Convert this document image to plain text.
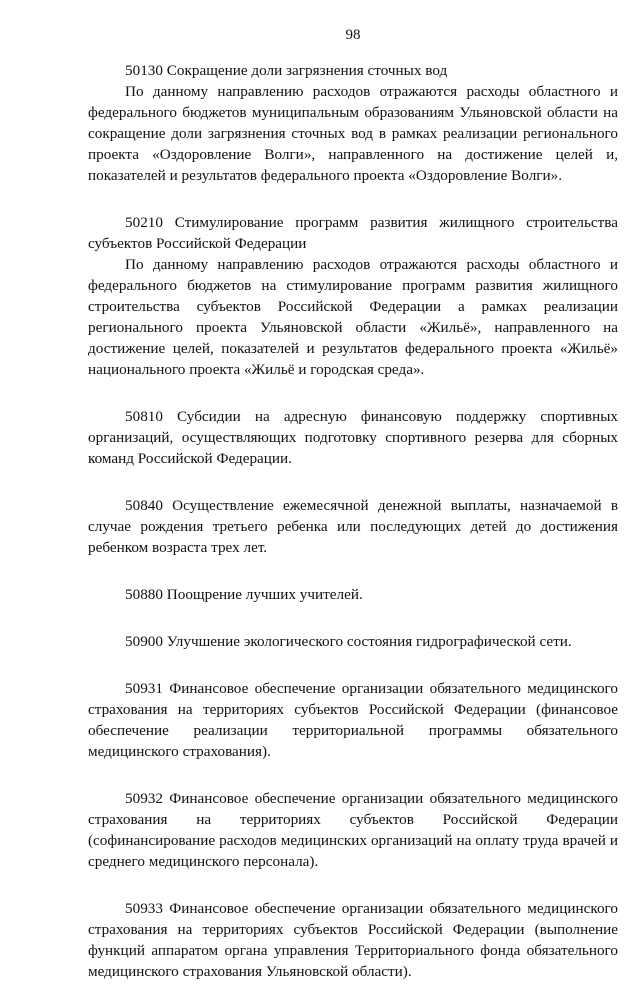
98

50130 Сокращение доли загрязнения сточных вод

По данному направлению расходов отражаются расходы областного и федерального бюджетов муниципальным образованиям Ульяновской области на сокращение доли загрязнения сточных вод в рамках реализации регионального проекта «Оздоровление Волги», направленного на достижение целей и, показателей и результатов федерального проекта «Оздоровление Волги».

50210 Стимулирование программ развития жилищного строительства субъектов Российской Федерации

По данному направлению расходов отражаются расходы областного и федерального бюджетов на стимулирование программ развития жилищного строительства субъектов Российской Федерации а рамках реализации регионального проекта Ульяновской области «Жильё», направленного на достижение целей, показателей и результатов федерального проекта «Жильё» национального проекта «Жильё и городская среда».

50810 Субсидии на адресную финансовую поддержку спортивных организаций, осуществляющих подготовку спортивного резерва для сборных команд Российской Федерации.

50840 Осуществление ежемесячной денежной выплаты, назначаемой в случае рождения третьего ребенка или последующих детей до достижения ребенком возраста трех лет.

50880 Поощрение лучших учителей.

50900 Улучшение экологического состояния гидрографической сети.

50931 Финансовое обеспечение организации обязательного медицинского страхования на территориях субъектов Российской Федерации (финансовое обеспечение реализации территориальной программы обязательного медицинского страхования).

50932 Финансовое обеспечение организации обязательного медицинского страхования на территориях субъектов Российской Федерации (софинансирование расходов медицинских организаций на оплату труда врачей и среднего медицинского персонала).

50933 Финансовое обеспечение организации обязательного медицинского страхования на территориях субъектов Российской Федерации (выполнение функций аппаратом органа управления Территориального фонда обязательного медицинского страхования Ульяновской области).
